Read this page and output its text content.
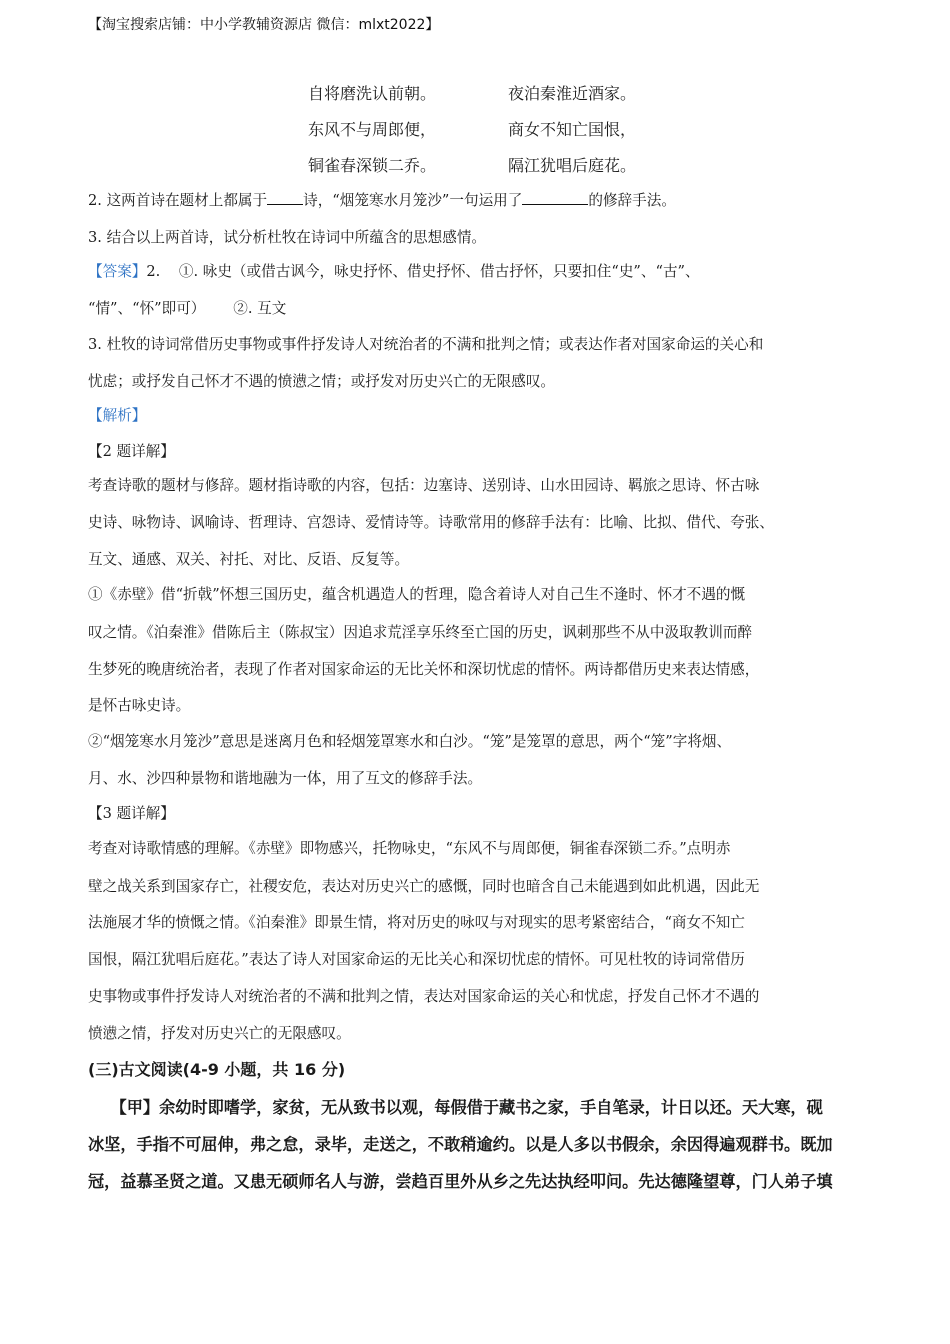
【淘宝搜索店铺：中小学教辅资源店 微信：mlxt2022】
自将磨洗认前朝。	夜泊秦淮近酒家。
东风不与周郎便，	商女不知亡国恨，
铜雀春深锁二乔。	隔江犹唱后庭花。
2. 这两首诗在题材上都属于 诗，“烟笼寒水月笼沙”一句运用了	的修辞手法。
3. 结合以上两首诗，试分析杜牧在诗词中所蕴含的思想感情。
【答案】2.    ①. 咏史（或借古讽今，咏史抒怀、借史抒怀、借古抒怀，只要扣住“史”、“古”、
“情”、“怀”即可）      ②. 互文
3. 杜牧的诗词常借历史事物或事件抒发诗人对统治者的不满和批判之情；或表达作者对国家命运的关心和
忧虑；或抒发自己怀才不遇的愤懑之情；或抒发对历史兴亡的无限感叹。
【解析】
【2 题详解】
考查诗歌的题材与修辞。题材指诗歌的内容，包括：边塞诗、送别诗、山水田园诗、羁旅之思诗、怀古咏
史诗、咏物诗、讽喻诗、哲理诗、宫怨诗、爱情诗等。诗歌常用的修辞手法有：比喻、比拟、借代、夸张、
互文、通感、双关、衬托、对比、反语、反复等。
①《赤壁》借“折戟”怀想三国历史，蕴含机遇造人的哲理，隐含着诗人对自己生不逢时、怀才不遇的慨
叹之情。《泊秦淮》借陈后主（陈叔宝）因追求荒淫享乐终至亡国的历史，讽刺那些不从中汲取教训而醉
生梦死的晚唐统治者，表现了作者对国家命运的无比关怀和深切忧虑的情怀。两诗都借历史来表达情感，
是怀古咏史诗。
②“烟笼寒水月笼沙”意思是迷离月色和轻烟笼罩寒水和白沙。“笼”是笼罩的意思，两个“笼”字将烟、
月、水、沙四种景物和谐地融为一体，用了互文的修辞手法。
【3 题详解】
考查对诗歌情感的理解。《赤壁》即物感兴，托物咏史，“东风不与周郎便，铜雀春深锁二乔。”点明赤
壁之战关系到国家存亡，社稷安危，表达对历史兴亡的感慨，同时也暗含自己未能遇到如此机遇，因此无
法施展才华的愤慨之情。《泊秦淮》即景生情，将对历史的咏叹与对现实的思考紧密结合，“商女不知亡
国恨，隔江犹唱后庭花。”表达了诗人对国家命运的无比关心和深切忧虑的情怀。可见杜牧的诗词常借历
史事物或事件抒发诗人对统治者的不满和批判之情，表达对国家命运的关心和忧虑，抒发自己怀才不遇的
愤懑之情，抒发对历史兴亡的无限感叹。
(三)古文阅读(4-9 小题，共 16 分)
【甲】余幼时即嗜学，家贫，无从致书以观，每假借于藏书之家，手自笔录，计日以还。天大寒，砚
冰坚，手指不可屈伸，弗之怠，录毕，走送之，不敢稍逾约。以是人多以书假余，余因得遍观群书。既加
冠，益慕圣贤之道。又患无硕师名人与游，尝趋百里外从乡之先达执经叩问。先达德隆望尊，门人弟子填
